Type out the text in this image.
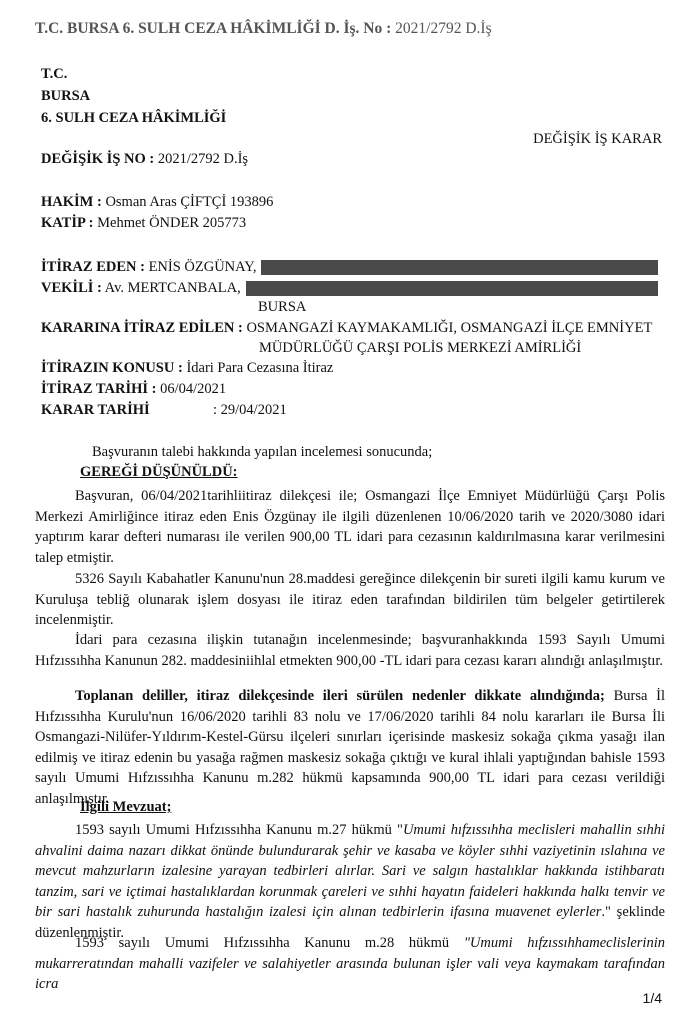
T.C. BURSA 6. SULH CEZA HÂKİMLİĞİ D. İş. No : 2021/2792 D.İş
T.C.
BURSA
6. SULH CEZA HÂKİMLİĞİ
DEĞİŞİK İŞ KARAR
DEĞİŞİK İŞ NO : 2021/2792 D.İş
HAKİM : Osman Aras ÇİFTÇİ 193896
KATİP : Mehmet ÖNDER 205773
İTİRAZ EDEN : ENİS ÖZGÜNAY,
VEKİLİ : Av. MERTCANBALA,
BURSA
KARARINA İTİRAZ EDİLEN : OSMANGAZİ KAYMAKAMLIĞI, OSMANGAZİ İLÇE EMNİYET
MÜDÜRLÜĞÜ ÇARŞI POLİS MERKEZİ AMİRLİĞİ
İTİRAZIN KONUSU : İdari Para Cezasına İtiraz
İTİRAZ TARİHİ : 06/04/2021
KARAR TARİHİ	: 29/04/2021
Başvuranın talebi hakkında yapılan incelemesi sonucunda;
GEREĞİ DÜŞÜNÜLDÜ:

Başvuran, 06/04/2021tarihliitiraz dilekçesi ile; Osmangazi İlçe Emniyet Müdürlüğü Çarşı Polis Merkezi Amirliğince itiraz eden Enis Özgünay ile ilgili düzenlenen 10/06/2020 tarih ve 2020/3080 idari yaptırım karar defteri numarası ile verilen 900,00 TL idari para cezasının kaldırılmasına karar verilmesini talep etmiştir.

5326 Sayılı Kabahatler Kanunu'nun 28.maddesi gereğince dilekçenin bir sureti ilgili kamu kurum ve Kuruluşa tebliğ olunarak işlem dosyası ile itiraz eden tarafından bildirilen tüm belgeler getirtilerek incelenmiştir.

İdari para cezasına ilişkin tutanağın incelenmesinde; başvuranhakkında 1593 Sayılı Umumi Hıfzıssıhha Kanunun 282. maddesiniihlal etmekten 900,00 -TL idari para cezası kararı alındığı anlaşılmıştır.

Toplanan deliller, itiraz dilekçesinde ileri sürülen nedenler dikkate alındığında; Bursa İl Hıfzıssıhha Kurulu'nun 16/06/2020 tarihli 83 nolu ve 17/06/2020 tarihli 84 nolu kararları ile Bursa İli Osmangazi-Nilüfer-Yıldırım-Kestel-Gürsu ilçeleri sınırları içerisinde maskesiz sokağa çıkma yasağı ilan edilmiş ve itiraz edenin bu yasağa rağmen maskesiz sokağa çıktığı ve kural ihlali yaptığından bahisle 1593 sayılı Umumi Hıfzıssıhha Kanunu m.282 hükmü kapsamında 900,00 TL idari para cezası verildiği anlaşılmıştır.

İlgili Mevzuat;

1593 sayılı Umumi Hıfzıssıhha Kanunu m.27 hükmü "Umumi hıfzıssıhha meclisleri mahallin sıhhi ahvalini daima nazarı dikkat önünde bulundurarak şehir ve kasaba ve köyler sıhhi vaziyetinin ıslahına ve mevcut mahzurların izalesine yarayan tedbirleri alırlar. Sari ve salgın hastalıklar hakkında istihbaratı tanzim, sari ve içtimai hastalıklardan korunmak çareleri ve sıhhi hayatın faideleri hakkında halkı tenvir ve bir sari hastalık zuhurunda hastalığın izalesi için alınan tedbirlerin ifasına muavenet eylerler." şeklinde düzenlenmiştir.

1593 sayılı Umumi Hıfzıssıhha Kanunu m.28 hükmü "Umumi hıfzıssıhhameclislerinin mukarreratından mahalli vazifeler ve salahiyetler arasında bulunan işler vali veya kaymakam tarafından icra

1/4
